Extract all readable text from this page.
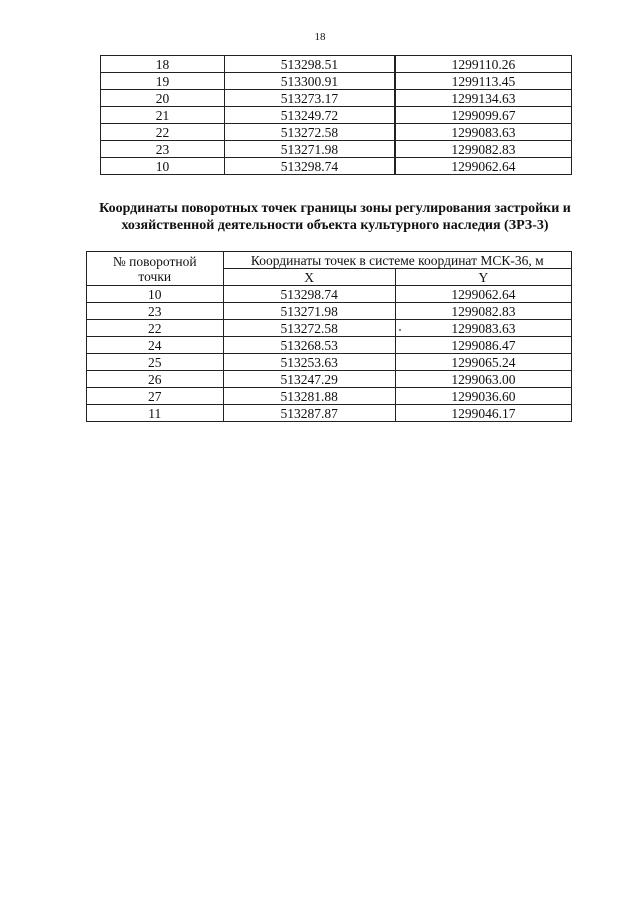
18
18	513298.51	1299110.26
19	513300.91	1299113.45
20	513273.17	1299134.63
21	513249.72	1299099.67
22	513272.58	1299083.63
23	513271.98	1299082.83
10	513298.74	1299062.64
Координаты поворотных точек границы зоны регулирования застройки и
хозяйственной деятельности объекта культурного наследия (ЗРЗ-3)
№ поворотной
точки	Координаты точек в системе координат МСК-36, м	
	X	Y
10	513298.74	1299062.64
23	513271.98	1299082.83
22	513272.58	1299083.63
24	513268.53	1299086.47
25	513253.63	1299065.24
26	513247.29	1299063.00
27	513281.88	1299036.60
11	513287.87	1299046.17
